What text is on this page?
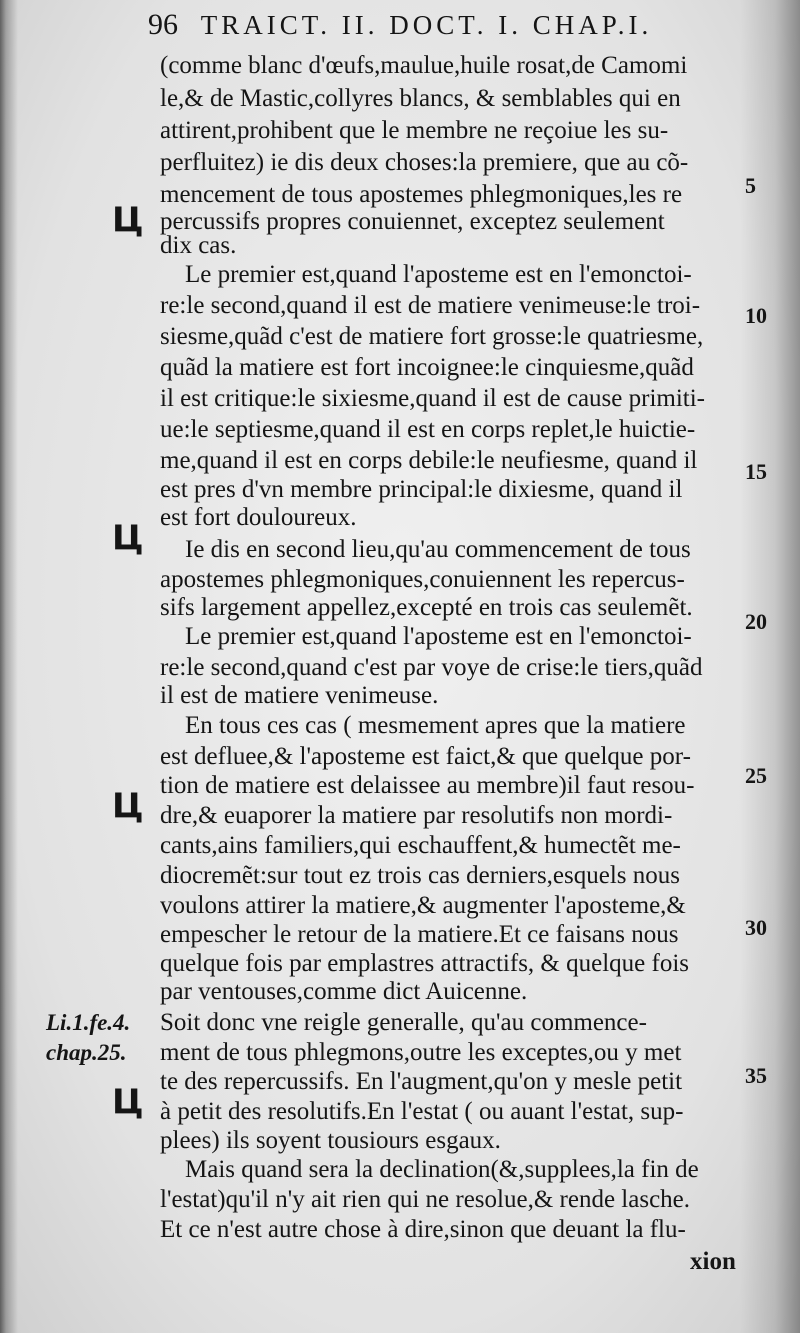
96 TRAICT. II. DOCT. I. CHAP.I.
(comme blanc d'œufs,maulue,huile rosat,de Camomi
le,& de Mastic,collyres blancs, & semblables qui en
attirent,prohibent que le membre ne reçoiue les su-
perfluitez) ie dis deux choses:la premiere, que au cõ-
mencement de tous apostemes phlegmoniques,les re
percussifs propres conuiennet, exceptez seulement
dix cas.
Le premier est,quand l'aposteme est en l'emonctoi-
re:le second,quand il est de matiere venimeuse:le troi-
siesme,quãd c'est de matiere fort grosse:le quatriesme,
quãd la matiere est fort incoignee:le cinquiesme,quãd
il est critique:le sixiesme,quand il est de cause primiti-
ue:le septiesme,quand il est en corps replet,le huictie-
me,quand il est en corps debile:le neufiesme, quand il
est pres d'vn membre principal:le dixiesme, quand il
est fort douloureux.
Ie dis en second lieu,qu'au commencement de tous
apostemes phlegmoniques,conuiennent les repercus-
sifs largement appellez,excepté en trois cas seulemẽt.
Le premier est,quand l'aposteme est en l'emonctoi-
re:le second,quand c'est par voye de crise:le tiers,quãd
il est de matiere venimeuse.
En tous ces cas ( mesmement apres que la matiere
est defluee,& l'aposteme est faict,& que quelque por-
tion de matiere est delaissee au membre)il faut resou-
dre,& euaporer la matiere par resolutifs non mordi-
cants,ains familiers,qui eschauffent,& humectẽt me-
diocremẽt:sur tout ez trois cas derniers,esquels nous
voulons attirer la matiere,& augmenter l'aposteme,&
empescher le retour de la matiere.Et ce faisans nous
quelque fois par emplastres attractifs, & quelque fois
par ventouses,comme dict Auicenne.
Soit donc vne reigle generalle, qu'au commence-
ment de tous phlegmons,outre les exceptes,ou y met
te des repercussifs. En l'augment,qu'on y mesle petit
à petit des resolutifs.En l'estat ( ou auant l'estat, sup-
plees) ils soyent tousiours esgaux.
Mais quand sera la declination(&,supplees,la fin de
l'estat)qu'il n'y ait rien qui ne resolue,& rende lasche.
Et ce n'est autre chose à dire,sinon que deuant la flu-
xion
Ц
Ц
Ц
Ц
5
10
15
20
25
30
35
Li.1.fe.4.
chap.25.
